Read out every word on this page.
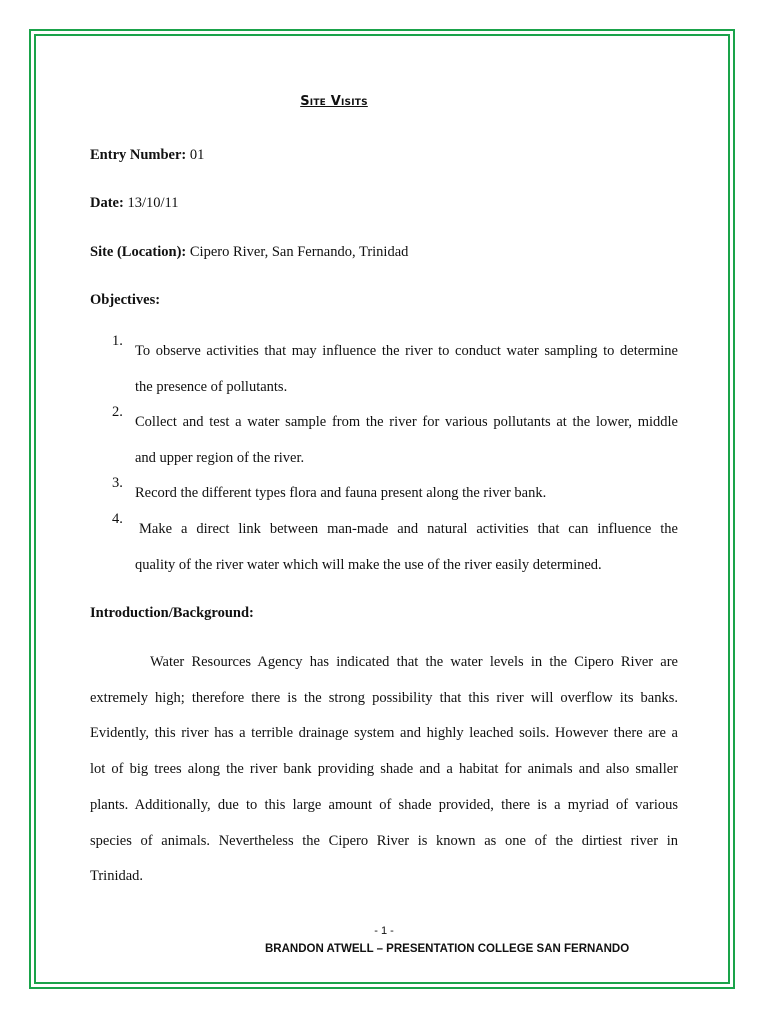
Site Visits
Entry Number: 01
Date: 13/10/11
Site (Location): Cipero River, San Fernando, Trinidad
Objectives:
1.
To observe activities that may influence the river to conduct water sampling to determine
the presence of pollutants.
2.
Collect and test a water sample from the river for various pollutants at the lower, middle
and upper region of the river.
3.
Record the different types flora and fauna present along the river bank.
4.
Make a direct link between man-made and natural activities that can influence the
quality of the river water which will make the use of the river easily determined.
Introduction/Background:
Water Resources Agency has indicated that the water levels in the Cipero River are
extremely high; therefore there is the strong possibility that this river will overflow its banks.
Evidently, this river has a terrible drainage system and highly leached soils. However there are a
lot of big trees along the river bank providing shade and a habitat for animals and also smaller
plants. Additionally, due to this large amount of shade provided, there is a myriad of various
species of animals. Nevertheless the Cipero River is known as one of the dirtiest river in
Trinidad.
- 1 -
BRANDON ATWELL – PRESENTATION COLLEGE SAN FERNANDO
